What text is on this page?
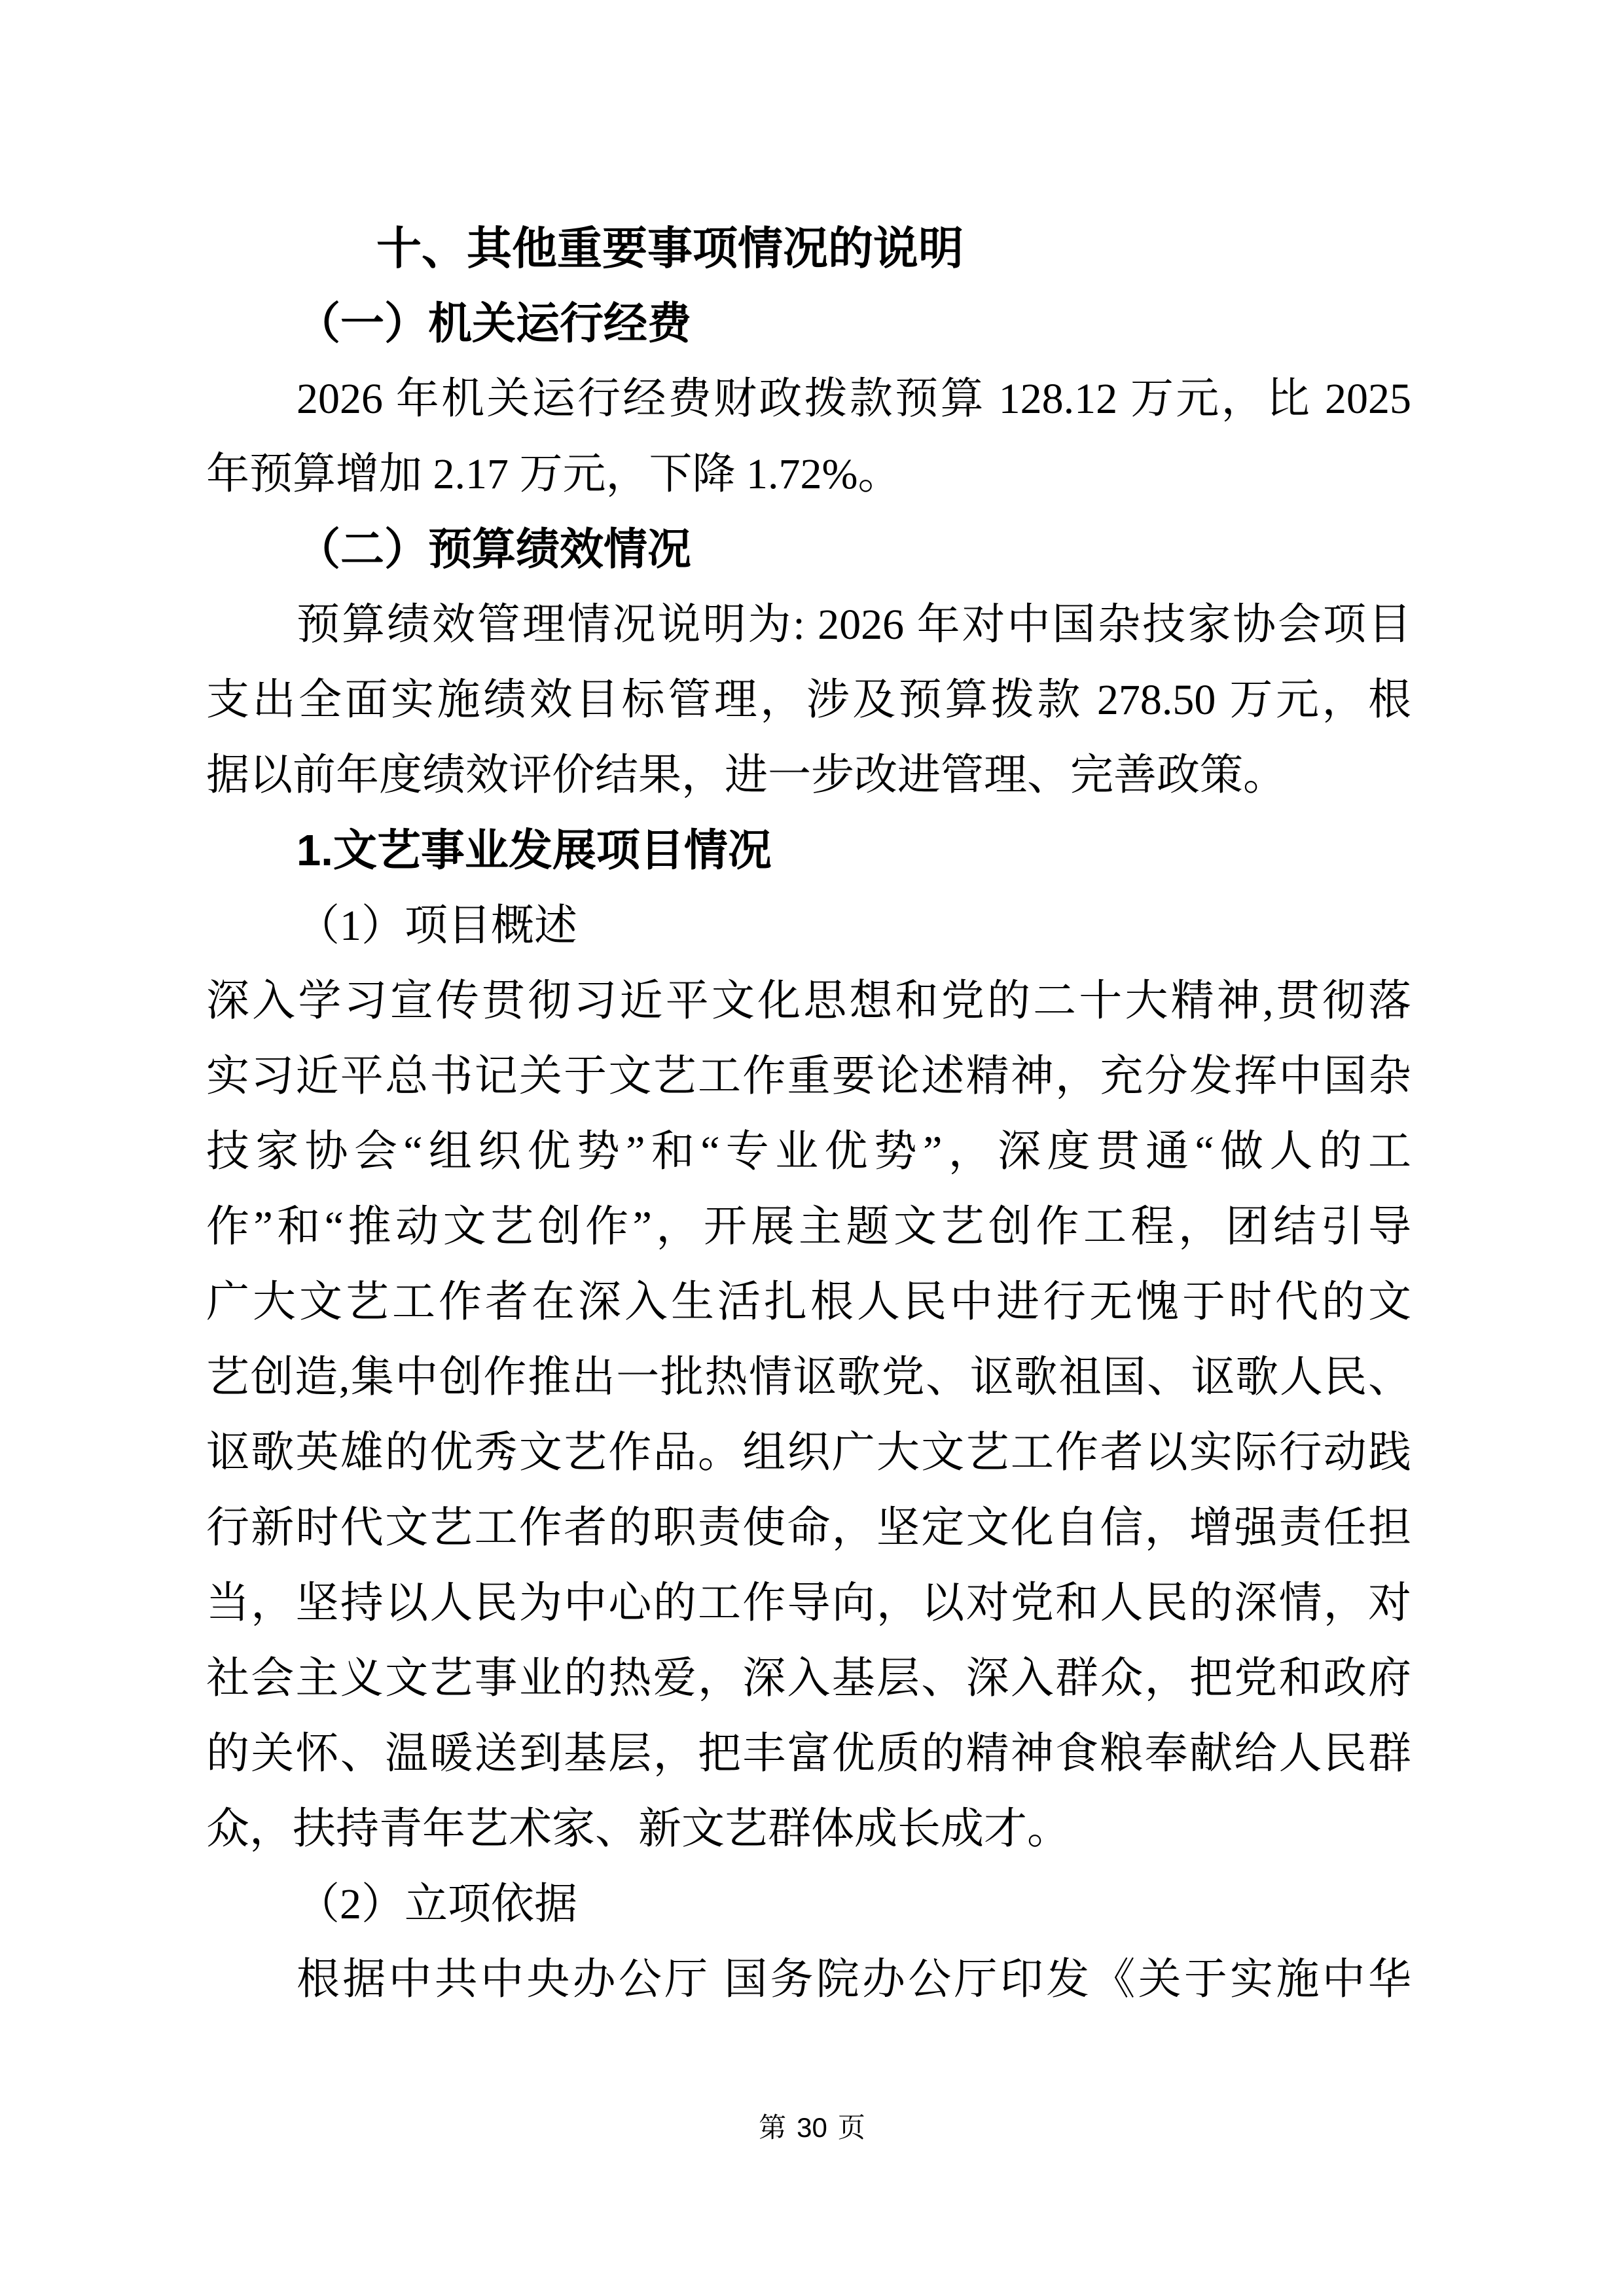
十、其他重要事项情况的说明
（一）机关运行经费
2026 年机关运行经费财政拨款预算 128.12 万元，比 2025
年预算增加 2.17 万元，下降 1.72%。
（二）预算绩效情况
预算绩效管理情况说明为: 2026 年对中国杂技家协会项目
支出全面实施绩效目标管理，涉及预算拨款 278.50 万元，根
据以前年度绩效评价结果，进一步改进管理、完善政策。
1.文艺事业发展项目情况
（1）项目概述
深入学习宣传贯彻习近平文化思想和党的二十大精神,贯彻落
实习近平总书记关于文艺工作重要论述精神，充分发挥中国杂
技家协会“组织优势”和“专业优势”，深度贯通“做人的工
作”和“推动文艺创作”，开展主题文艺创作工程，团结引导
广大文艺工作者在深入生活扎根人民中进行无愧于时代的文
艺创造,集中创作推出一批热情讴歌党、讴歌祖国、讴歌人民、
讴歌英雄的优秀文艺作品。组织广大文艺工作者以实际行动践
行新时代文艺工作者的职责使命，坚定文化自信，增强责任担
当，坚持以人民为中心的工作导向，以对党和人民的深情，对
社会主义文艺事业的热爱，深入基层、深入群众，把党和政府
的关怀、温暖送到基层，把丰富优质的精神食粮奉献给人民群
众，扶持青年艺术家、新文艺群体成长成才。
（2）立项依据
根据中共中央办公厅 国务院办公厅印发《关于实施中华
第 30 页
